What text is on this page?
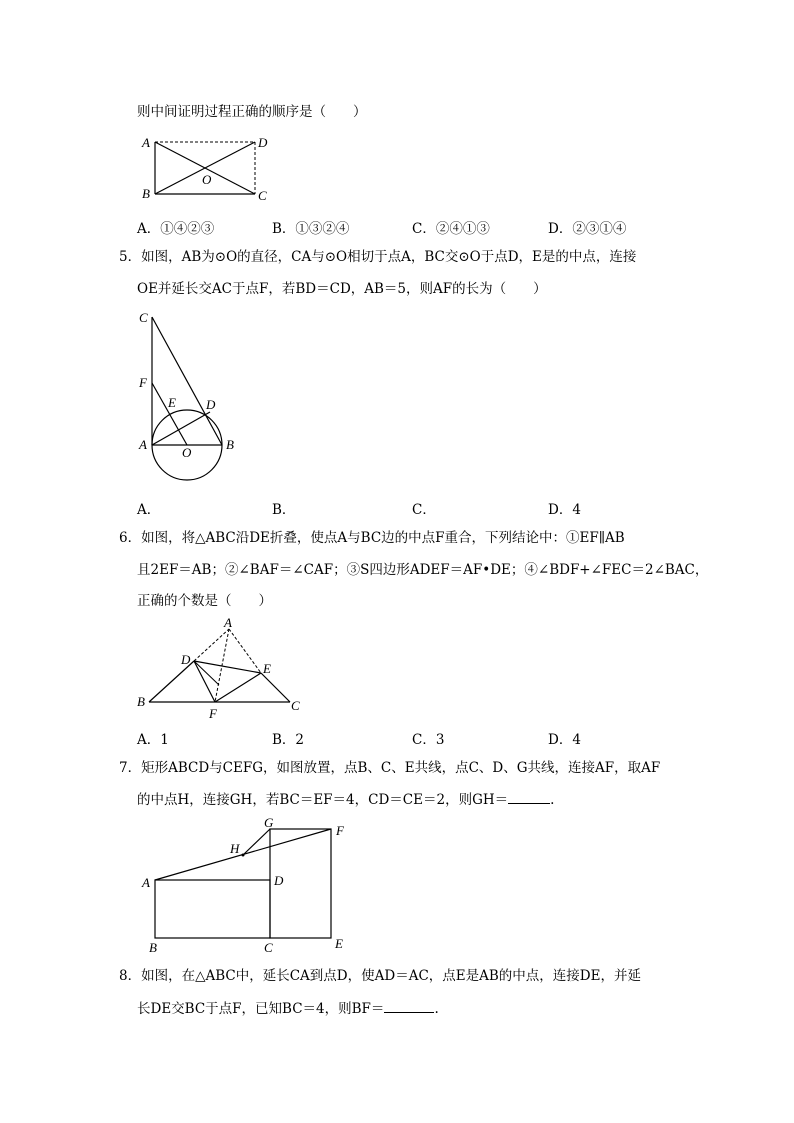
则中间证明过程正确的顺序是（　　）
A	D
B	C
O
A．①④②③	B．①③②④	C．②④①③	D．②③①④
5．如图，AB为⊙O的直径，CA与⊙O相切于点A，BC交⊙O于点D，E是的中点，连接
OE并延长交AC于点F，若BD＝CD，AB＝5，则AF的长为（　　）
C
F
E D
A
O
B
A．	B．	C．	D．4
6．如图，将△ABC沿DE折叠，使点A与BC边的中点F重合，下列结论中：①EF∥AB
且2EF＝AB；②∠BAF＝∠CAF；③S四边形ADEF＝AF•DE；④∠BDF+∠FEC＝2∠BAC，
正确的个数是（　　）
A
D
E
B
F
C
A．1	B．2	C．3	D．4
7．矩形ABCD与CEFG，如图放置，点B、C、E共线，点C、D、G共线，连接AF，取AF
的中点H，连接GH，若BC＝EF＝4，CD＝CE＝2，则GH＝	.
G
F
H
A	D
B	C	E
8．如图，在△ABC中，延长CA到点D，使AD＝AC，点E是AB的中点，连接DE，并延
长DE交BC于点F，已知BC＝4，则BF＝	.
